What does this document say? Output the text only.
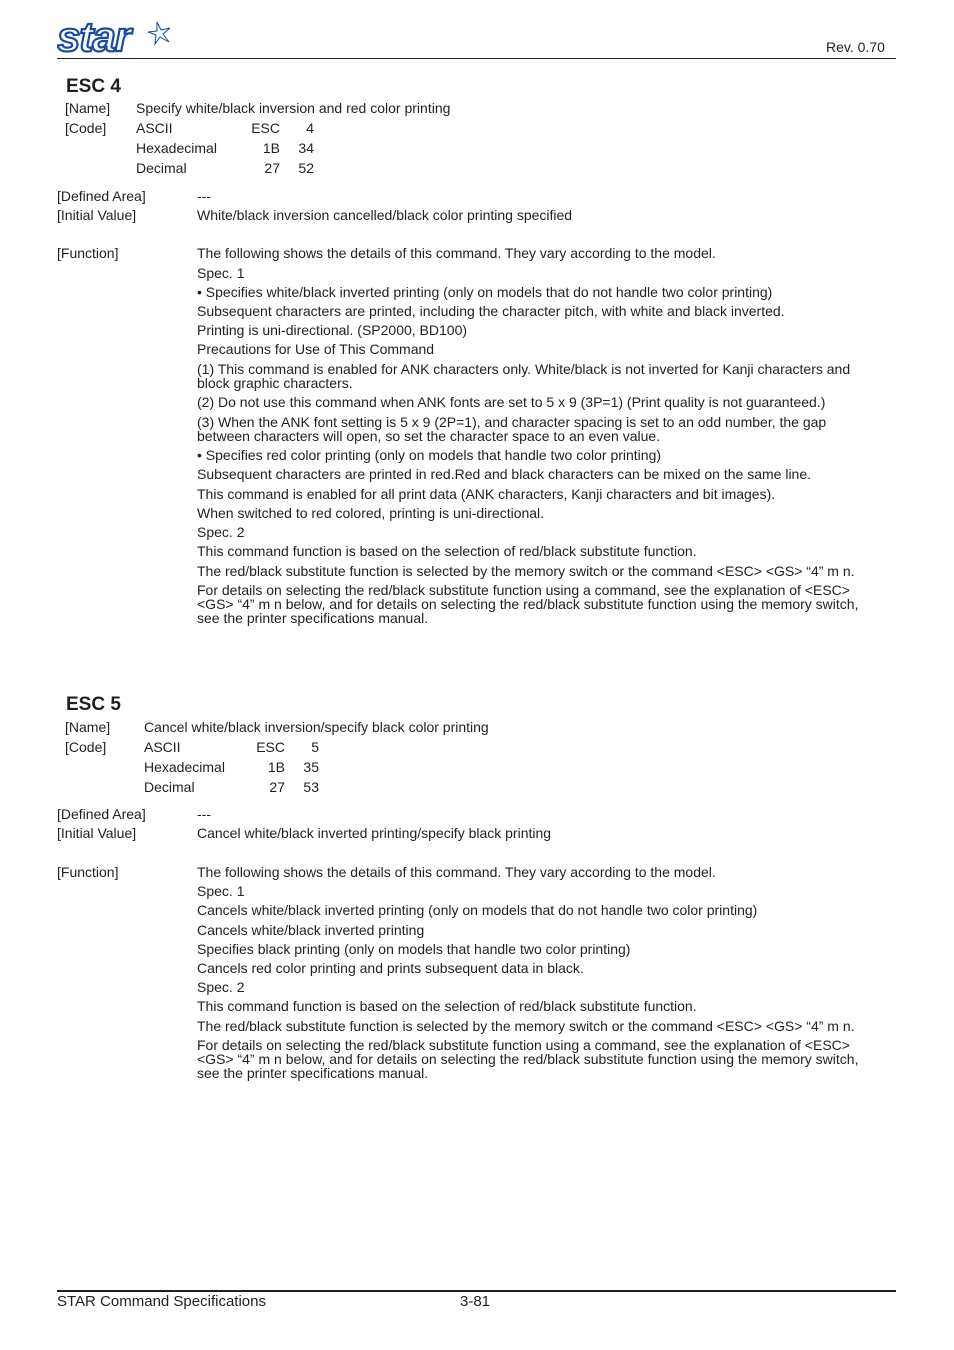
star	Rev. 0.70
ESC 4
[Name] Specify white/black inversion and red color printing
[Code] ASCII	ESC	4
Hexadecimal	1B	34
Decimal	27	52
[Defined Area]	---
[Initial Value]	White/black inversion cancelled/black color printing specified
[Function]	The following shows the details of this command. They vary according to the model.
Spec. 1
• Specifies white/black inverted printing (only on models that do not handle two color printing)
Subsequent characters are printed, including the character pitch, with white and black inverted.
Printing is uni-directional. (SP2000, BD100)
Precautions for Use of This Command
(1) This command is enabled for ANK characters only. White/black is not inverted for Kanji characters and block graphic characters.
(2) Do not use this command when ANK fonts are set to 5 x 9 (3P=1) (Print quality is not guaranteed.)
(3) When the ANK font setting is 5 x 9 (2P=1), and character spacing is set to an odd number, the gap between characters will open, so set the character space to an even value.
• Specifies red color printing (only on models that handle two color printing)
Subsequent characters are printed in red.Red and black characters can be mixed on the same line.
This command is enabled for all print data (ANK characters, Kanji characters and bit images).
When switched to red colored, printing is uni-directional.
Spec. 2
This command function is based on the selection of red/black substitute function.
The red/black substitute function is selected by the memory switch or the command <ESC> <GS> “4” m n.
For details on selecting the red/black substitute function using a command, see the explanation of <ESC> <GS> “4” m n below, and for details on selecting the red/black substitute function using the memory switch, see the printer specifications manual.
ESC 5
[Name] Cancel white/black inversion/specify black color printing
[Code]	ASCII	ESC	5
Hexadecimal	1B	35
Decimal	27	53
[Defined Area]	---
[Initial Value]	Cancel white/black inverted printing/specify black printing
[Function]	The following shows the details of this command. They vary according to the model.
Spec. 1
Cancels white/black inverted printing (only on models that do not handle two color printing)
Cancels white/black inverted printing
Specifies black printing (only on models that handle two color printing)
Cancels red color printing and prints subsequent data in black.
Spec. 2
This command function is based on the selection of red/black substitute function.
The red/black substitute function is selected by the memory switch or the command <ESC> <GS> “4” m n.
For details on selecting the red/black substitute function using a command, see the explanation of <ESC> <GS> “4” m n below, and for details on selecting the red/black substitute function using the memory switch, see the printer specifications manual.
STAR Command Specifications	3-81
